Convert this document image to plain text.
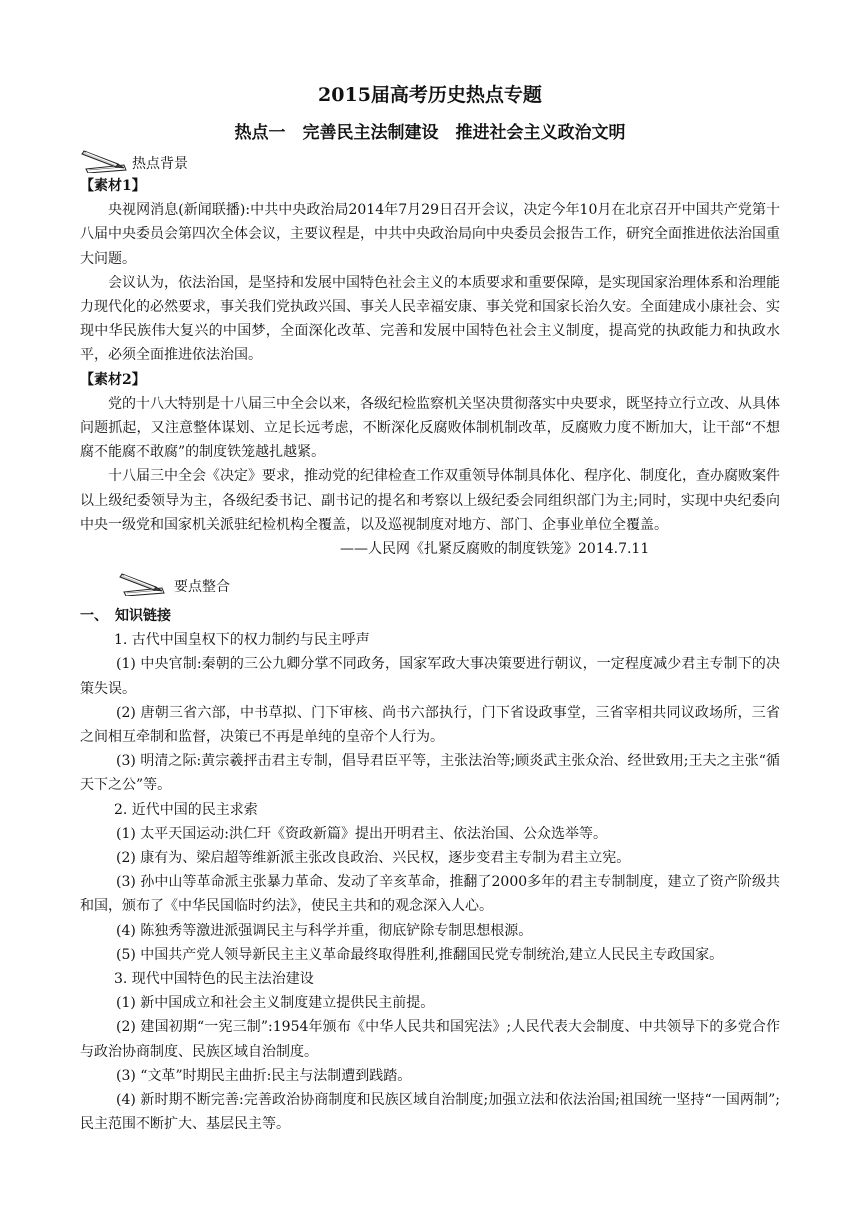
2015届高考历史热点专题
热点一　完善民主法制建设　推进社会主义政治文明
热点背景

【素材1】

央视网消息(新闻联播):中共中央政治局2014年7月29日召开会议，决定今年10月在北京召开中国共产党第十八届中央委员会第四次全体会议，主要议程是，中共中央政治局向中央委员会报告工作，研究全面推进依法治国重大问题。

会议认为，依法治国，是坚持和发展中国特色社会主义的本质要求和重要保障，是实现国家治理体系和治理能力现代化的必然要求，事关我们党执政兴国、事关人民幸福安康、事关党和国家长治久安。全面建成小康社会、实现中华民族伟大复兴的中国梦，全面深化改革、完善和发展中国特色社会主义制度，提高党的执政能力和执政水平，必须全面推进依法治国。

【素材2】

党的十八大特别是十八届三中全会以来，各级纪检监察机关坚决贯彻落实中央要求，既坚持立行立改、从具体问题抓起，又注意整体谋划、立足长远考虑，不断深化反腐败体制机制改革，反腐败力度不断加大，让干部“不想腐不能腐不敢腐”的制度铁笼越扎越紧。

十八届三中全会《决定》要求，推动党的纪律检查工作双重领导体制具体化、程序化、制度化，查办腐败案件以上级纪委领导为主，各级纪委书记、副书记的提名和考察以上级纪委会同组织部门为主;同时，实现中央纪委向中央一级党和国家机关派驻纪检机构全覆盖，以及巡视制度对地方、部门、企事业单位全覆盖。

——人民网《扎紧反腐败的制度铁笼》2014.7.11

要点整合

一、　知识链接

1. 古代中国皇权下的权力制约与民主呼声

(1) 中央官制:秦朝的三公九卿分掌不同政务，国家军政大事决策要进行朝议，一定程度减少君主专制下的决策失误。

(2) 唐朝三省六部，中书草拟、门下审核、尚书六部执行，门下省设政事堂，三省宰相共同议政场所，三省之间相互牵制和监督，决策已不再是单纯的皇帝个人行为。

(3) 明清之际:黄宗羲抨击君主专制，倡导君臣平等，主张法治等;顾炎武主张众治、经世致用;王夫之主张“循天下之公”等。

2. 近代中国的民主求索

(1) 太平天国运动:洪仁玕《资政新篇》提出开明君主、依法治国、公众选举等。

(2) 康有为、梁启超等维新派主张改良政治、兴民权，逐步变君主专制为君主立宪。

(3) 孙中山等革命派主张暴力革命、发动了辛亥革命，推翻了2000多年的君主专制制度，建立了资产阶级共和国，颁布了《中华民国临时约法》，使民主共和的观念深入人心。

(4) 陈独秀等激进派强调民主与科学并重，彻底铲除专制思想根源。

(5) 中国共产党人领导新民主主义革命最终取得胜利,推翻国民党专制统治,建立人民民主专政国家。

3. 现代中国特色的民主法治建设

(1) 新中国成立和社会主义制度建立提供民主前提。

(2) 建国初期“一宪三制”:1954年颁布《中华人民共和国宪法》;人民代表大会制度、中共领导下的多党合作与政治协商制度、民族区域自治制度。

(3) “文革”时期民主曲折:民主与法制遭到践踏。

(4) 新时期不断完善:完善政治协商制度和民族区域自治制度;加强立法和依法治国;祖国统一坚持“一国两制”;民主范围不断扩大、基层民主等。
